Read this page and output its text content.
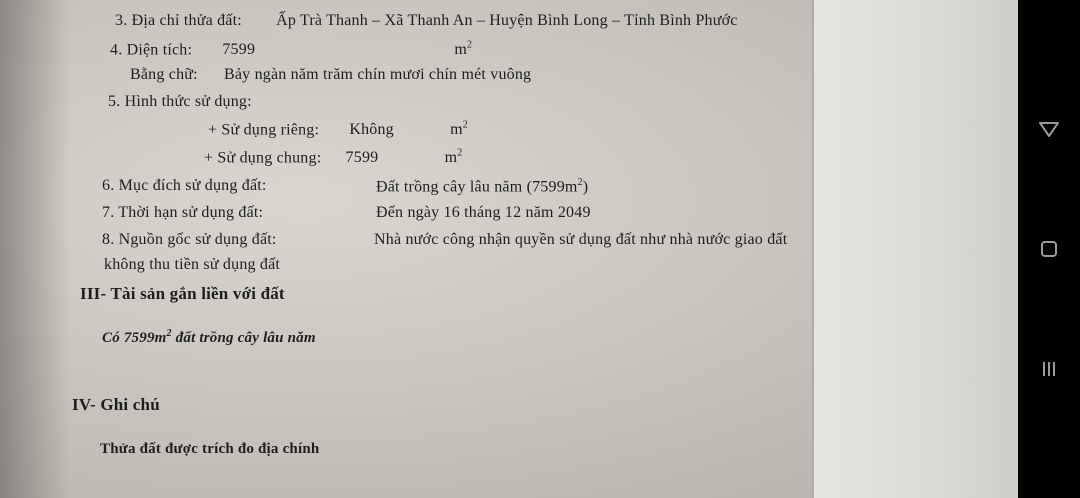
3. Địa chỉ thửa đất: Ấp Trà Thanh – Xã Thanh An – Huyện Bình Long – Tỉnh Bình Phước
4. Diện tích: 7599	$m^2$
Bằng chữ: Bảy ngàn năm trăm chín mươi chín mét vuông
5. Hình thức sử dụng:
+ Sử dụng riêng: Không	$m^2$
+ Sử dụng chung: 7599	$m^2$
6. Mục đích sử dụng đất:	Đất trồng cây lâu năm $(7599m^2)$
7. Thời hạn sử dụng đất:	Đến ngày 16 tháng 12 năm 2049
8. Nguồn gốc sử dụng đất:	Nhà nước công nhận quyền sử dụng đất như nhà nước giao đất
không thu tiền sử dụng đất
III- Tài sản gắn liền với đất
Có $7599m^2$ đất trồng cây lâu năm
IV- Ghi chú
Thửa đất được trích đo địa chính
